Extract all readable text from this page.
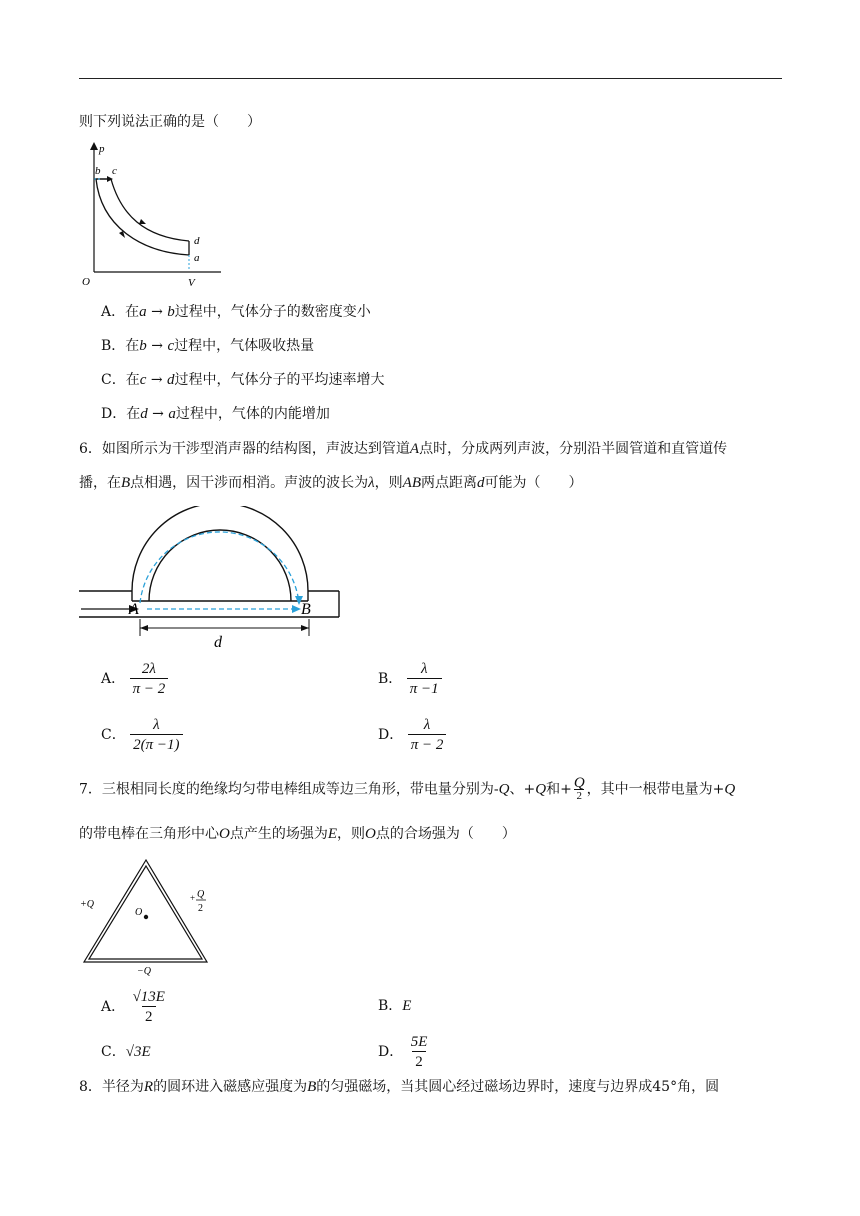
则下列说法正确的是（　　）
p
O	V
b c
d
a
A．在a → b过程中，气体分子的数密度变小
B．在b → c过程中，气体吸收热量
C．在c → d过程中，气体分子的平均速率增大
D．在d → a过程中，气体的内能增加
6．如图所示为干涉型消声器的结构图，声波达到管道A点时，分成两列声波，分别沿半圆管道和直管道传
播，在B点相遇，因干涉而相消。声波的波长为λ，则AB两点距离d可能为（　　）
A	B
d
A． $\frac{2\lambda}{\pi - 2}$	B． $\frac{\lambda}{\pi -1}$
C． $\frac{\lambda}{2(\pi -1)}$	D． $\frac{\lambda}{\pi - 2}$
7．三根相同长度的绝缘均匀带电棒组成等边三角形，带电量分别为-Q、+Q和+ $\frac{Q}{2}$ ，其中一根带电量为+Q
的带电棒在三角形中心O点产生的场强为E，则O点的合场强为（　　）
O
+Q
+ Q
2
−Q
A． $\frac{√13E}{2}$	B．E
C．√3E	D． $\frac{5E}{2}$
8．半径为R的圆环进入磁感应强度为B的匀强磁场，当其圆心经过磁场边界时，速度与边界成45°角，圆
